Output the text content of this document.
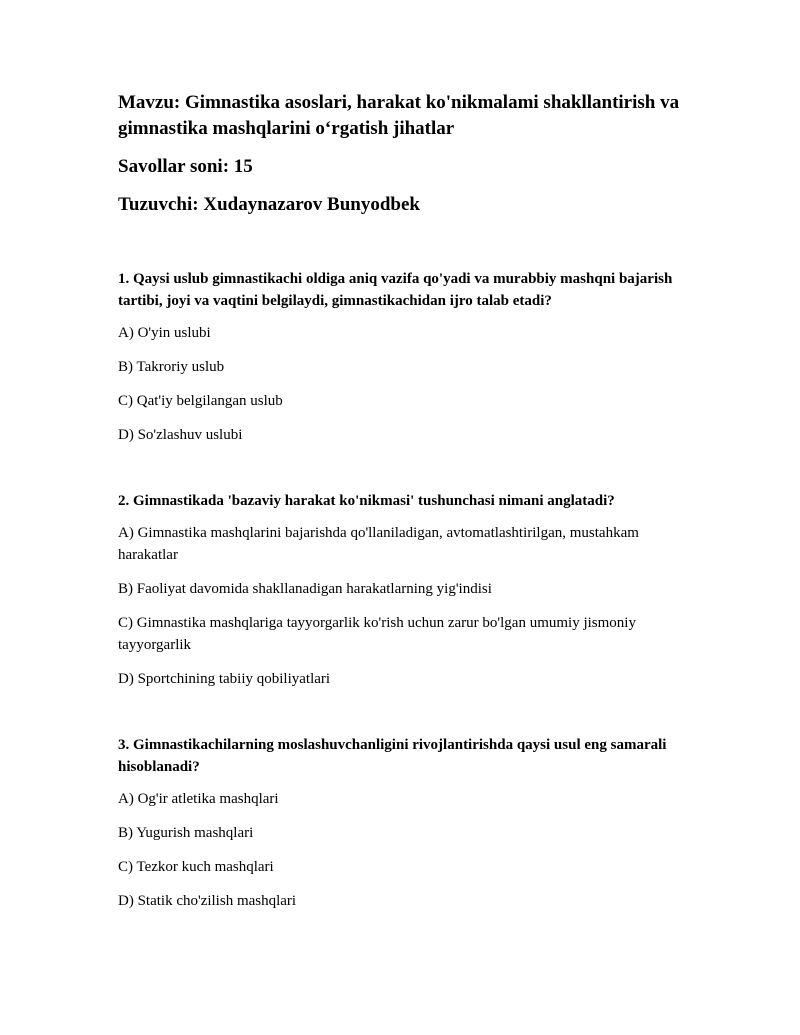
Mavzu: Gimnastika asoslari, harakat ko'nikmalami shakllantirish va
gimnastika mashqlarini o‘rgatish jihatlar
Savollar soni: 15
Tuzuvchi: Xudaynazarov Bunyodbek
1. Qaysi uslub gimnastikachi oldiga aniq vazifa qo'yadi va murabbiy mashqni bajarish tartibi, joyi va vaqtini belgilaydi, gimnastikachidan ijro talab etadi?
A) O'yin uslubi
B) Takroriy uslub
C) Qat'iy belgilangan uslub
D) So'zlashuv uslubi
2. Gimnastikada 'bazaviy harakat ko'nikmasi' tushunchasi nimani anglatadi?
A) Gimnastika mashqlarini bajarishda qo'llaniladigan, avtomatlashtirilgan, mustahkam harakatlar
B) Faoliyat davomida shakllanadigan harakatlarning yig'indisi
C) Gimnastika mashqlariga tayyorgarlik ko'rish uchun zarur bo'lgan umumiy jismoniy tayyorgarlik
D) Sportchining tabiiy qobiliyatlari
3. Gimnastikachilarning moslashuvchanligini rivojlantirishda qaysi usul eng samarali hisoblanadi?
A) Og'ir atletika mashqlari
B) Yugurish mashqlari
C) Tezkor kuch mashqlari
D) Statik cho'zilish mashqlari
